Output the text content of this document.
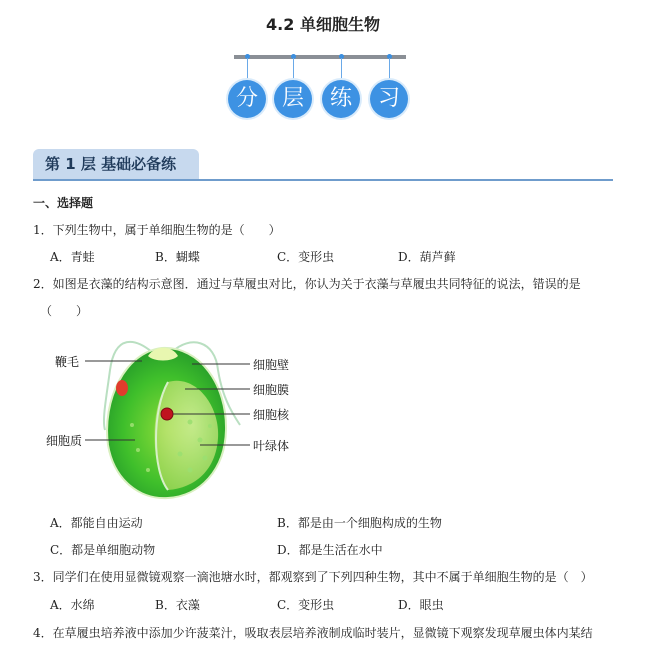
4.2 单细胞生物
分	层	练	习
第 1 层 基础必备练
一、选择题
1．下列生物中，属于单细胞生物的是（　　）
A．青蛙	B．蝴蝶	C．变形虫	D．葫芦藓
2．如图是衣藻的结构示意图．通过与草履虫对比，你认为关于衣藻与草履虫共同特征的说法，错误的是
（　　）
鞭毛	细胞壁
细胞膜
细胞核
细胞质	叶绿体
A．都能自由运动	B．都是由一个细胞构成的生物
C．都是单细胞动物	D．都是生活在水中
3．同学们在使用显微镜观察一滴池塘水时，都观察到了下列四种生物，其中不属于单细胞生物的是（　）
A．水绵	B．衣藻	C．变形虫	D．眼虫
4．在草履虫培养液中添加少许菠菜汁，吸取表层培养液制成临时装片，显微镜下观察发现草履虫体内某结
